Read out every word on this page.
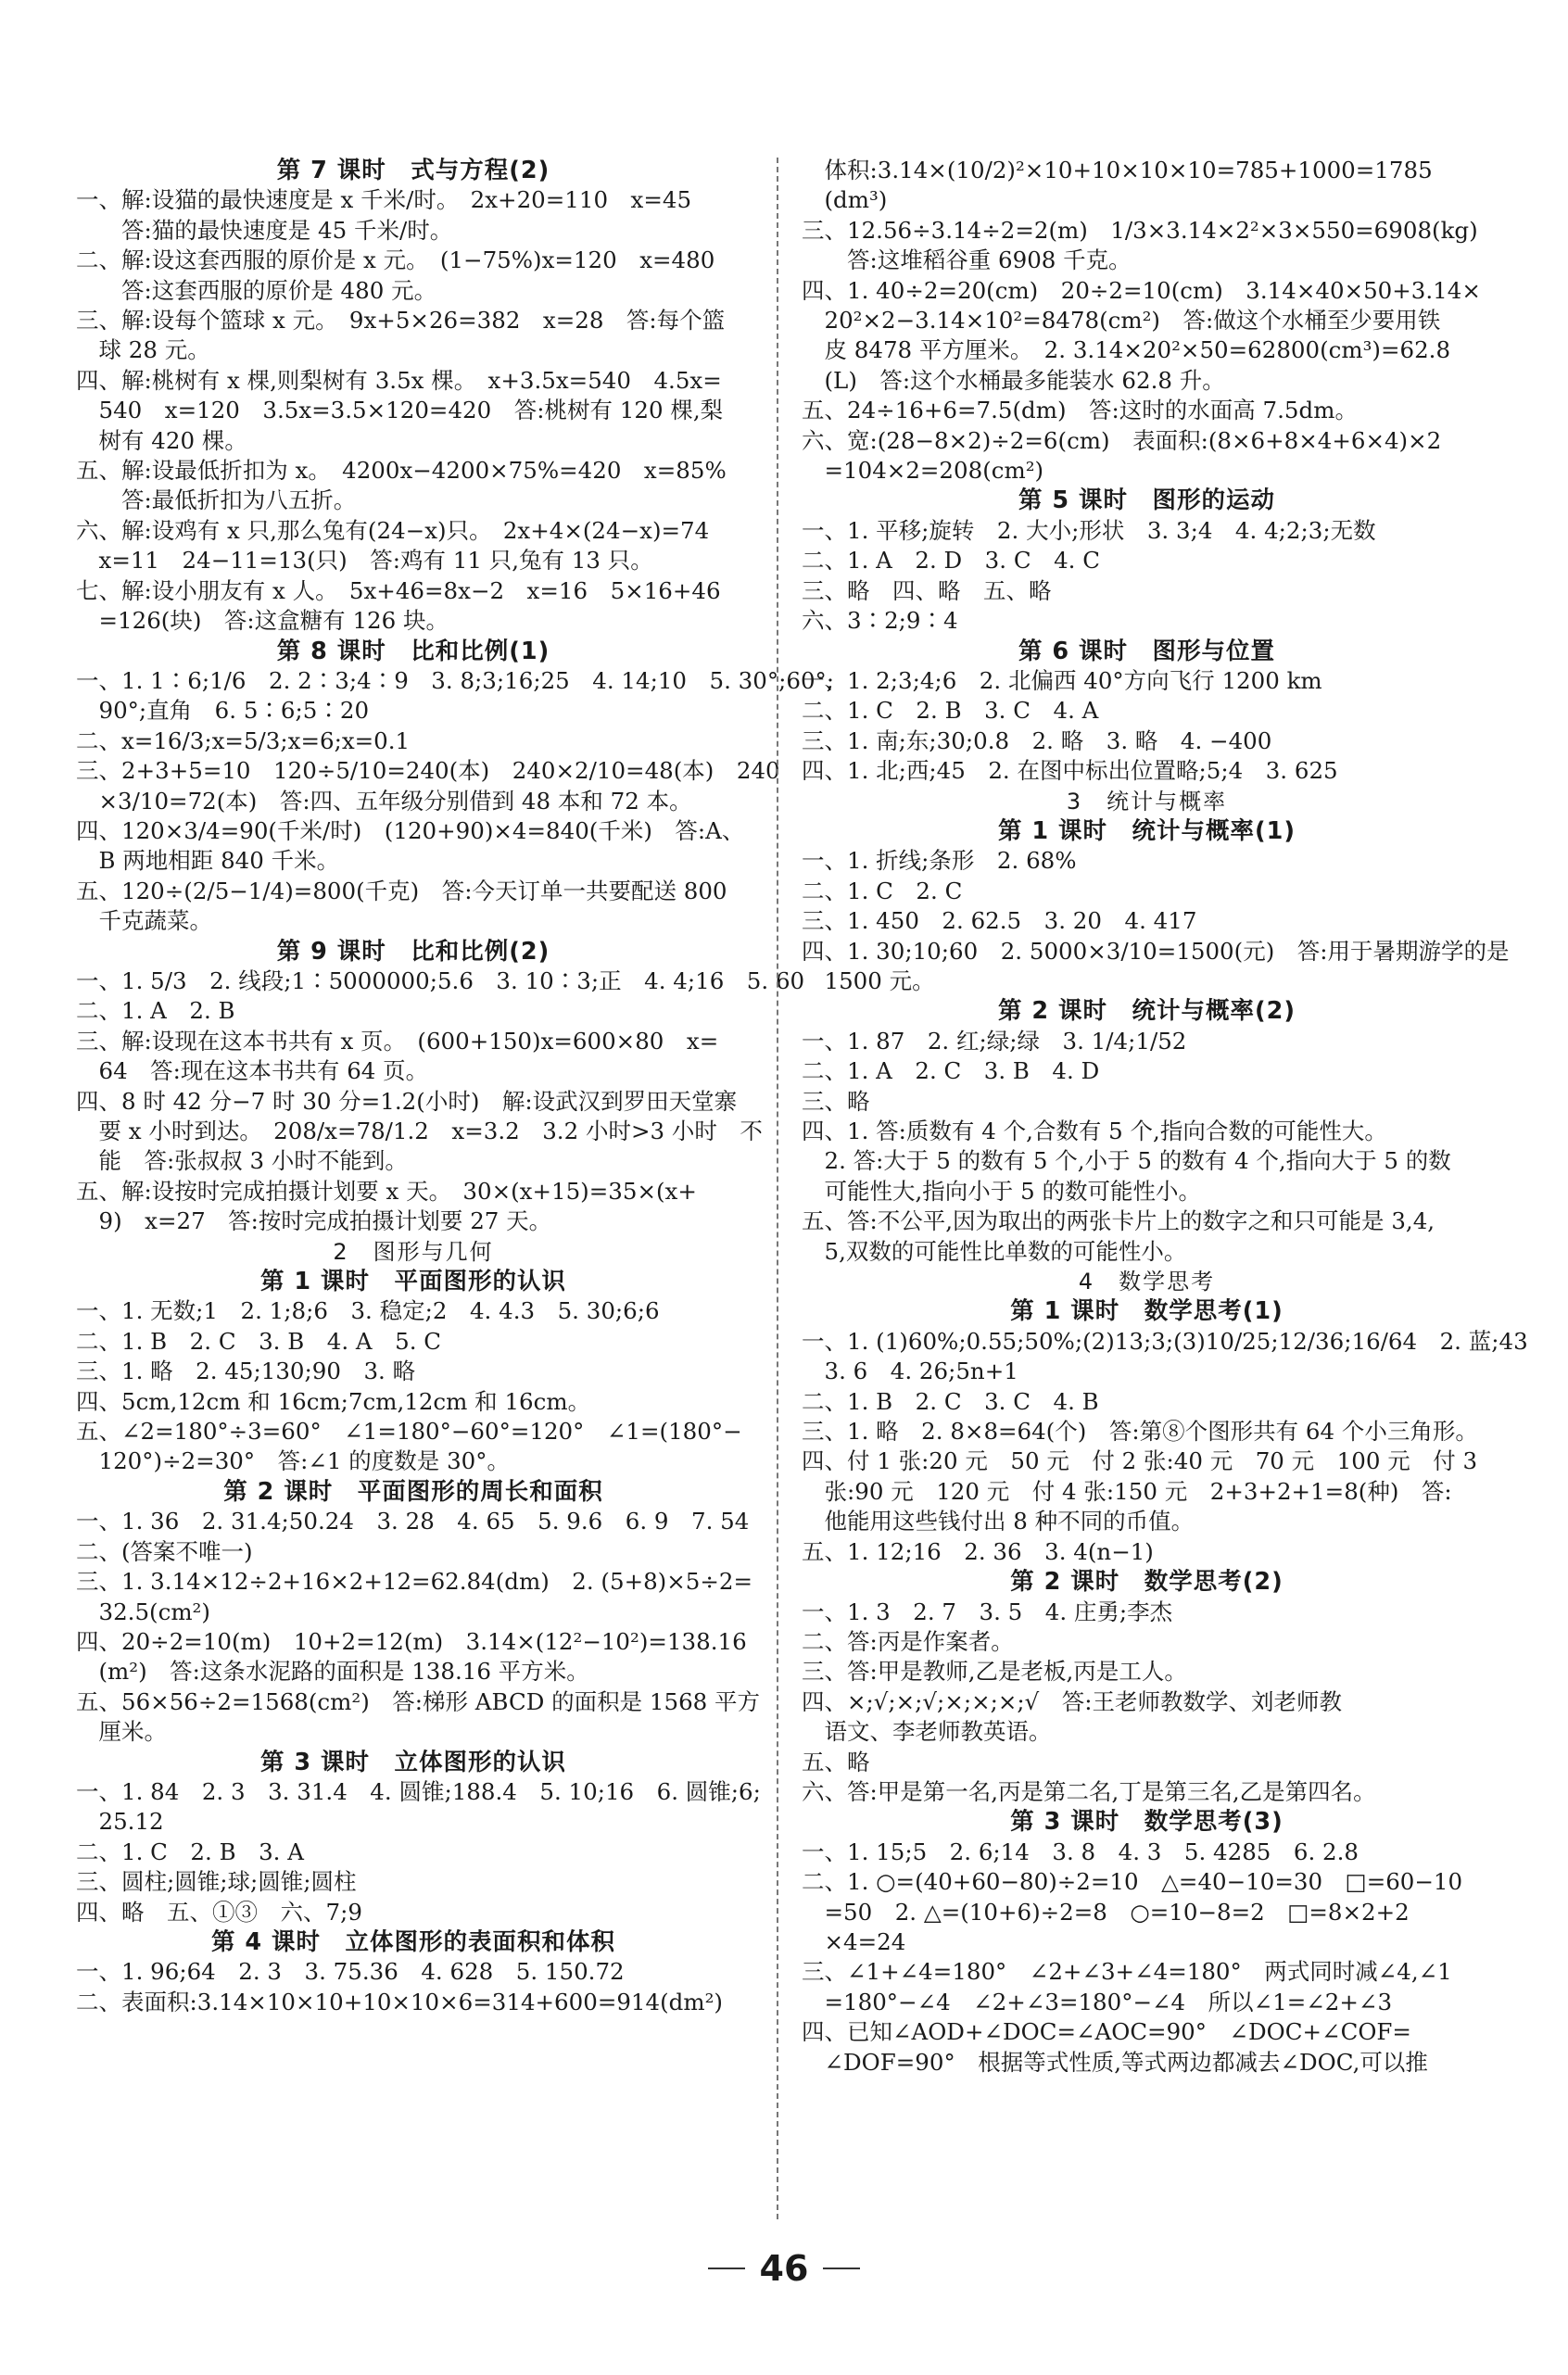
第 7 课时　式与方程(2)
一、解:设猫的最快速度是 x 千米/时。　2x+20=110　x=45
　　答:猫的最快速度是 45 千米/时。
二、解:设这套西服的原价是 x 元。　(1−75%)x=120　x=480
　　答:这套西服的原价是 480 元。
三、解:设每个篮球 x 元。　9x+5×26=382　x=28　答:每个篮
　球 28 元。
四、解:桃树有 x 棵,则梨树有 3.5x 棵。　x+3.5x=540　4.5x=
　540　x=120　3.5x=3.5×120=420　答:桃树有 120 棵,梨
　树有 420 棵。
五、解:设最低折扣为 x。　4200x−4200×75%=420　x=85%
　　答:最低折扣为八五折。
六、解:设鸡有 x 只,那么兔有(24−x)只。　2x+4×(24−x)=74
　x=11　24−11=13(只)　答:鸡有 11 只,兔有 13 只。
七、解:设小朋友有 x 人。　5x+46=8x−2　x=16　5×16+46
　=126(块)　答:这盒糖有 126 块。
第 8 课时　比和比例(1)
一、1. 1∶6;1/6　2. 2∶3;4∶9　3. 8;3;16;25　4. 14;10　5. 30°;60°;
　90°;直角　6. 5∶6;5∶20
二、x=16/3;x=5/3;x=6;x=0.1
三、2+3+5=10　120÷5/10=240(本)　240×2/10=48(本)　240
　×3/10=72(本)　答:四、五年级分别借到 48 本和 72 本。
四、120×3/4=90(千米/时)　(120+90)×4=840(千米)　答:A、
　B 两地相距 840 千米。
五、120÷(2/5−1/4)=800(千克)　答:今天订单一共要配送 800
　千克蔬菜。
第 9 课时　比和比例(2)
一、1. 5/3　2. 线段;1∶5000000;5.6　3. 10∶3;正　4. 4;16　5. 60
二、1. A　2. B
三、解:设现在这本书共有 x 页。　(600+150)x=600×80　x=
　64　答:现在这本书共有 64 页。
四、8 时 42 分−7 时 30 分=1.2(小时)　解:设武汉到罗田天堂寨
　要 x 小时到达。　208/x=78/1.2　x=3.2　3.2 小时>3 小时　不
　能　答:张叔叔 3 小时不能到。
五、解:设按时完成拍摄计划要 x 天。　30×(x+15)=35×(x+
　9)　x=27　答:按时完成拍摄计划要 27 天。
2　图形与几何
第 1 课时　平面图形的认识
一、1. 无数;1　2. 1;8;6　3. 稳定;2　4. 4.3　5. 30;6;6
二、1. B　2. C　3. B　4. A　5. C
三、1. 略　2. 45;130;90　3. 略
四、5cm,12cm 和 16cm;7cm,12cm 和 16cm。
五、∠2=180°÷3=60°　∠1=180°−60°=120°　∠1=(180°−
　120°)÷2=30°　答:∠1 的度数是 30°。
第 2 课时　平面图形的周长和面积
一、1. 36　2. 31.4;50.24　3. 28　4. 65　5. 9.6　6. 9　7. 54
二、(答案不唯一)
三、1. 3.14×12÷2+16×2+12=62.84(dm)　2. (5+8)×5÷2=
　32.5(cm²)
四、20÷2=10(m)　10+2=12(m)　3.14×(12²−10²)=138.16
　(m²)　答:这条水泥路的面积是 138.16 平方米。
五、56×56÷2=1568(cm²)　答:梯形 ABCD 的面积是 1568 平方
　厘米。
第 3 课时　立体图形的认识
一、1. 84　2. 3　3. 31.4　4. 圆锥;188.4　5. 10;16　6. 圆锥;6;
　25.12
二、1. C　2. B　3. A
三、圆柱;圆锥;球;圆锥;圆柱
四、略　五、①③　六、7;9
第 4 课时　立体图形的表面积和体积
一、1. 96;64　2. 3　3. 75.36　4. 628　5. 150.72
二、表面积:3.14×10×10+10×10×6=314+600=914(dm²)
　体积:3.14×(10/2)²×10+10×10×10=785+1000=1785
　(dm³)
三、12.56÷3.14÷2=2(m)　1/3×3.14×2²×3×550=6908(kg)
　　答:这堆稻谷重 6908 千克。
四、1. 40÷2=20(cm)　20÷2=10(cm)　3.14×40×50+3.14×
　20²×2−3.14×10²=8478(cm²)　答:做这个水桶至少要用铁
　皮 8478 平方厘米。　2. 3.14×20²×50=62800(cm³)=62.8
　(L)　答:这个水桶最多能装水 62.8 升。
五、24÷16+6=7.5(dm)　答:这时的水面高 7.5dm。
六、宽:(28−8×2)÷2=6(cm)　表面积:(8×6+8×4+6×4)×2
　=104×2=208(cm²)
第 5 课时　图形的运动
一、1. 平移;旋转　2. 大小;形状　3. 3;4　4. 4;2;3;无数
二、1. A　2. D　3. C　4. C
三、略　四、略　五、略
六、3∶2;9∶4
第 6 课时　图形与位置
一、1. 2;3;4;6　2. 北偏西 40°方向飞行 1200 km
二、1. C　2. B　3. C　4. A
三、1. 南;东;30;0.8　2. 略　3. 略　4. −400
四、1. 北;西;45　2. 在图中标出位置略;5;4　3. 625
3　统计与概率
第 1 课时　统计与概率(1)
一、1. 折线;条形　2. 68%
二、1. C　2. C
三、1. 450　2. 62.5　3. 20　4. 417
四、1. 30;10;60　2. 5000×3/10=1500(元)　答:用于暑期游学的是
　1500 元。
第 2 课时　统计与概率(2)
一、1. 87　2. 红;绿;绿　3. 1/4;1/52
二、1. A　2. C　3. B　4. D
三、略
四、1. 答:质数有 4 个,合数有 5 个,指向合数的可能性大。
　2. 答:大于 5 的数有 5 个,小于 5 的数有 4 个,指向大于 5 的数
　可能性大,指向小于 5 的数可能性小。
五、答:不公平,因为取出的两张卡片上的数字之和只可能是 3,4,
　5,双数的可能性比单数的可能性小。
4　数学思考
第 1 课时　数学思考(1)
一、1. (1)60%;0.55;50%;(2)13;3;(3)10/25;12/36;16/64　2. 蓝;43
　3. 6　4. 26;5n+1
二、1. B　2. C　3. C　4. B
三、1. 略　2. 8×8=64(个)　答:第⑧个图形共有 64 个小三角形。
四、付 1 张:20 元　50 元　付 2 张:40 元　70 元　100 元　付 3
　张:90 元　120 元　付 4 张:150 元　2+3+2+1=8(种)　答:
　他能用这些钱付出 8 种不同的币值。
五、1. 12;16　2. 36　3. 4(n−1)
第 2 课时　数学思考(2)
一、1. 3　2. 7　3. 5　4. 庄勇;李杰
二、答:丙是作案者。
三、答:甲是教师,乙是老板,丙是工人。
四、×;√;×;√;×;×;×;√　答:王老师教数学、刘老师教
　语文、李老师教英语。
五、略
六、答:甲是第一名,丙是第二名,丁是第三名,乙是第四名。
第 3 课时　数学思考(3)
一、1. 15;5　2. 6;14　3. 8　4. 3　5. 4285　6. 2.8
二、1. ○=(40+60−80)÷2=10　△=40−10=30　□=60−10
　=50　2. △=(10+6)÷2=8　○=10−8=2　□=8×2+2
　×4=24
三、∠1+∠4=180°　∠2+∠3+∠4=180°　两式同时减∠4,∠1
　=180°−∠4　∠2+∠3=180°−∠4　所以∠1=∠2+∠3
四、已知∠AOD+∠DOC=∠AOC=90°　∠DOC+∠COF=
　∠DOF=90°　根据等式性质,等式两边都减去∠DOC,可以推
46
